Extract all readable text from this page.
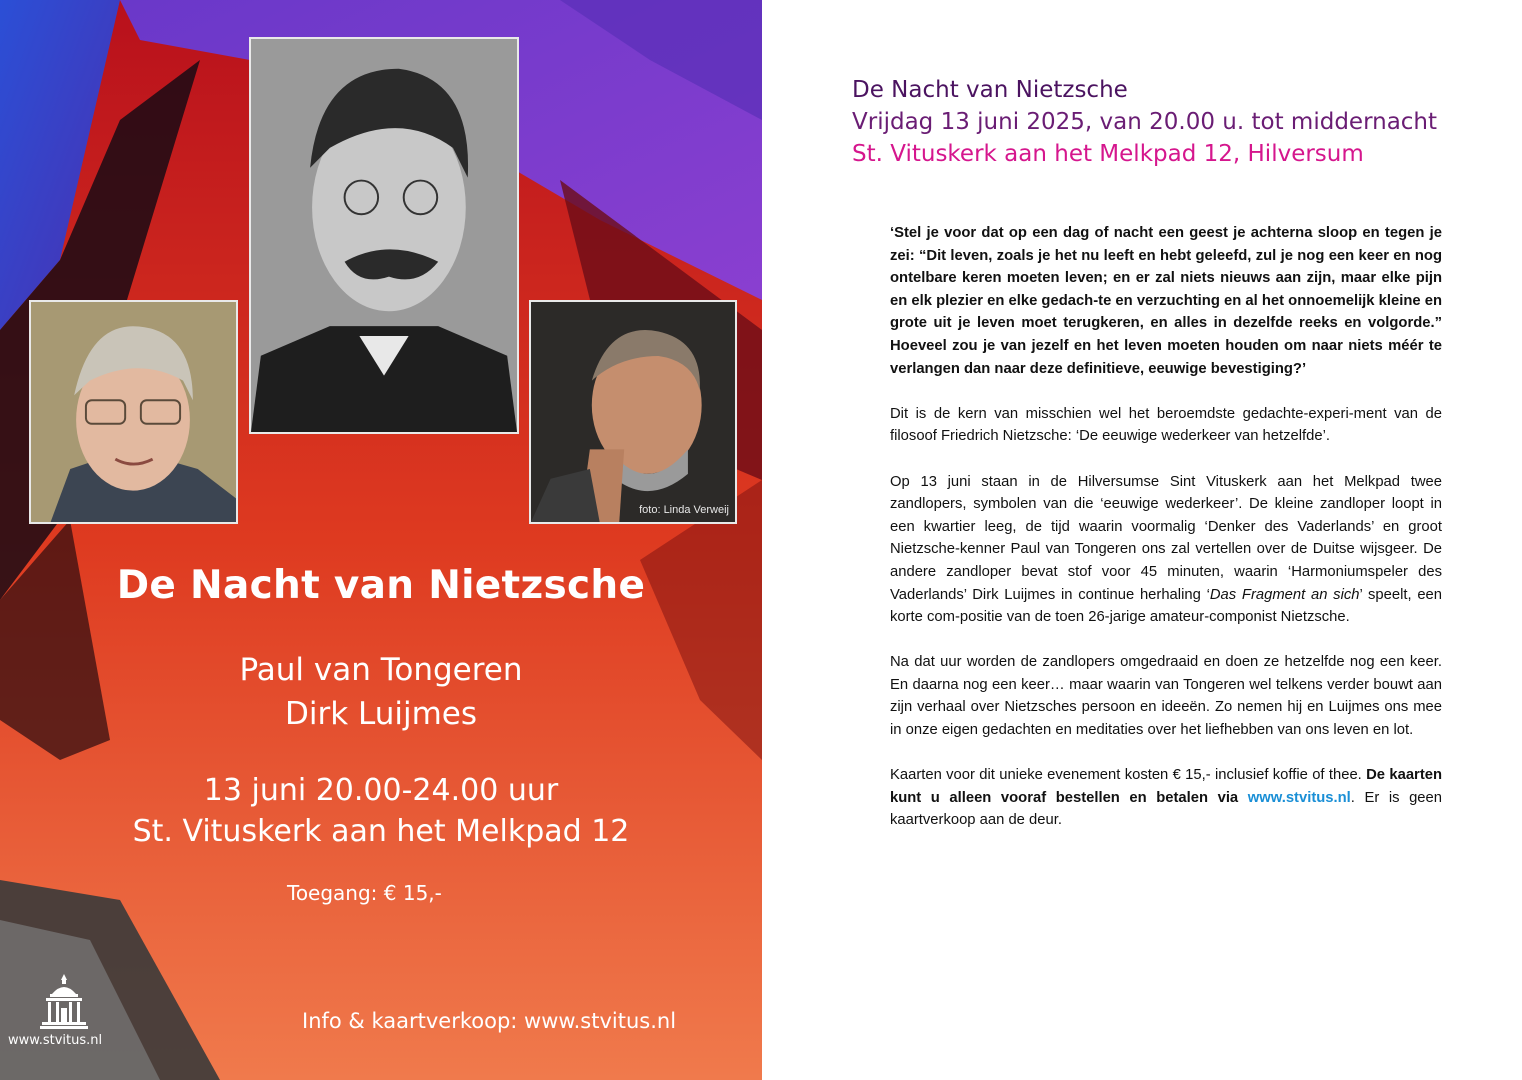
foto: Linda Verweij
De Nacht van Nietzsche
Paul van Tongeren
Dirk Luijmes
13 juni 20.00-24.00 uur
St. Vituskerk aan het Melkpad 12
Toegang: € 15,-
Info & kaartverkoop: www.stvitus.nl
www.stvitus.nl
De Nacht van Nietzsche
Vrijdag 13 juni 2025, van 20.00 u. tot middernacht
St. Vituskerk aan het Melkpad 12, Hilversum

‘Stel je voor dat op een dag of nacht een geest je achterna sloop en tegen je zei: “Dit leven, zoals je het nu leeft en hebt geleefd, zul je nog een keer en nog ontelbare keren moeten leven; en er zal niets nieuws aan zijn, maar elke pijn en elk plezier en elke gedach-te en verzuchting en al het onnoemelijk kleine en grote uit je leven moet terugkeren, en alles in dezelfde reeks en volgorde.” Hoeveel zou je van jezelf en het leven moeten houden om naar niets méér te verlangen dan naar deze definitieve, eeuwige bevestiging?’

Dit is de kern van misschien wel het beroemdste gedachte-experi-ment van de filosoof Friedrich Nietzsche: ‘De eeuwige wederkeer van hetzelfde’.

Op 13 juni staan in de Hilversumse Sint Vituskerk aan het Melkpad twee zandlopers, symbolen van die ‘eeuwige wederkeer’. De kleine zandloper loopt in een kwartier leeg, de tijd waarin voormalig ‘Denker des Vaderlands’ en groot Nietzsche-kenner Paul van Tongeren ons zal vertellen over de Duitse wijsgeer. De andere zandloper bevat stof voor 45 minuten, waarin ‘Harmoniumspeler des Vaderlands’ Dirk Luijmes in continue herhaling ‘Das Fragment an sich’ speelt, een korte com-positie van de toen 26-jarige amateur-componist Nietzsche.

Na dat uur worden de zandlopers omgedraaid en doen ze hetzelfde nog een keer. En daarna nog een keer… maar waarin van Tongeren wel telkens verder bouwt aan zijn verhaal over Nietzsches persoon en ideeën. Zo nemen hij en Luijmes ons mee in onze eigen gedachten en meditaties over het liefhebben van ons leven en lot.

Kaarten voor dit unieke evenement kosten € 15,- inclusief koffie of thee. De kaarten kunt u alleen vooraf bestellen en betalen via www.stvitus.nl. Er is geen kaartverkoop aan de deur.
